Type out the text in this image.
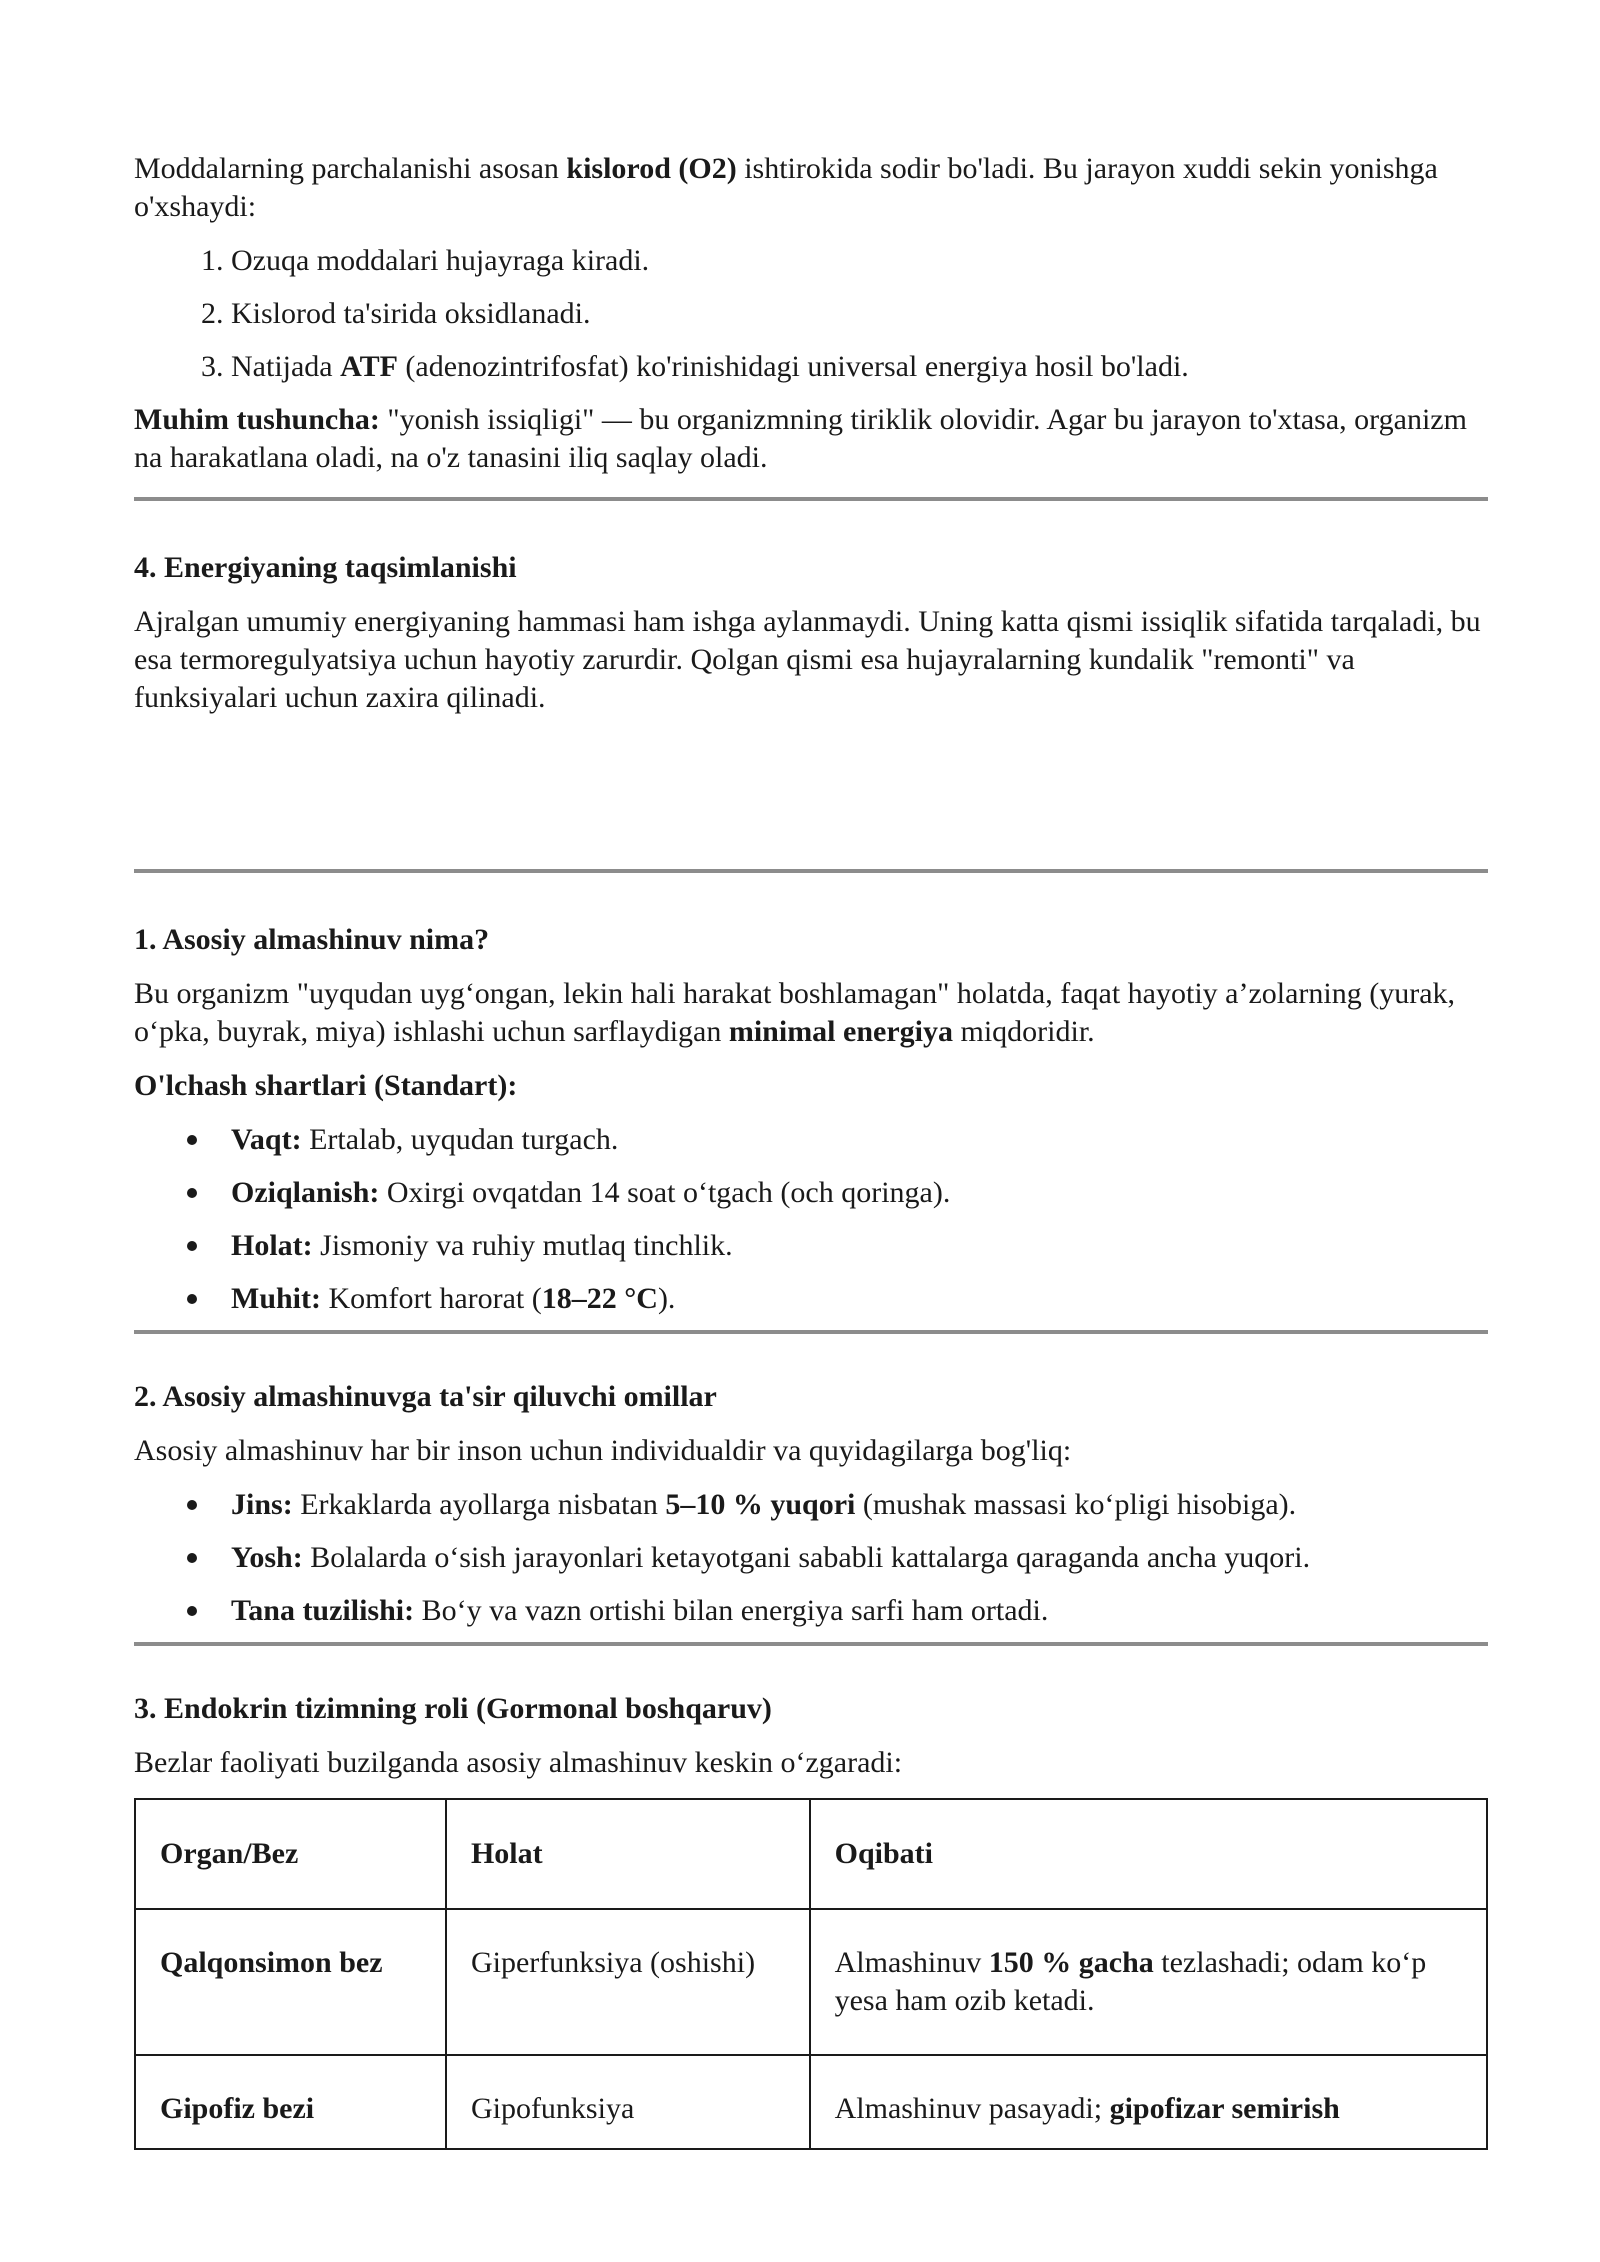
Moddalarning parchalanishi asosan kislorod (O2) ishtirokida sodir bo'ladi. Bu jarayon xuddi sekin yonishga o'xshaydi:

1. Ozuqa moddalari hujayraga kiradi.
2. Kislorod ta'sirida oksidlanadi.
3. Natijada ATF (adenozintrifosfat) ko'rinishidagi universal energiya hosil bo'ladi.

Muhim tushuncha: "yonish issiqligi" — bu organizmning tiriklik olovidir. Agar bu jarayon to'xtasa, organizm na harakatlana oladi, na o'z tanasini iliq saqlay oladi.

4. Energiyaning taqsimlanishi

Ajralgan umumiy energiyaning hammasi ham ishga aylanmaydi. Uning katta qismi issiqlik sifatida tarqaladi, bu esa termoregulyatsiya uchun hayotiy zarurdir. Qolgan qismi esa hujayralarning kundalik "remonti" va funksiyalari uchun zaxira qilinadi.

1. Asosiy almashinuv nima?

Bu organizm "uyqudan uyg‘ongan, lekin hali harakat boshlamagan" holatda, faqat hayotiy a’zolarning (yurak, o‘pka, buyrak, miya) ishlashi uchun sarflaydigan minimal energiya miqdoridir.

O'lchash shartlari (Standart):

Vaqt: Ertalab, uyqudan turgach.
Oziqlanish: Oxirgi ovqatdan 14 soat o‘tgach (och qoringa).
Holat: Jismoniy va ruhiy mutlaq tinchlik.
Muhit: Komfort harorat (18–22 °C).

2. Asosiy almashinuvga ta'sir qiluvchi omillar

Asosiy almashinuv har bir inson uchun individualdir va quyidagilarga bog'liq:

Jins: Erkaklarda ayollarga nisbatan 5–10 % yuqori (mushak massasi ko‘pligi hisobiga).
Yosh: Bolalarda o‘sish jarayonlari ketayotgani sababli kattalarga qaraganda ancha yuqori.
Tana tuzilishi: Bo‘y va vazn ortishi bilan energiya sarfi ham ortadi.

3. Endokrin tizimning roli (Gormonal boshqaruv)

Bezlar faoliyati buzilganda asosiy almashinuv keskin o‘zgaradi:

Organ/Bez	Holat	Oqibati
Qalqonsimon bez	Giperfunksiya (oshishi)	Almashinuv 150 % gacha tezlashadi; odam ko‘p yesa ham ozib ketadi.
Gipofiz bezi	Gipofunksiya	Almashinuv pasayadi; gipofizar semirish
